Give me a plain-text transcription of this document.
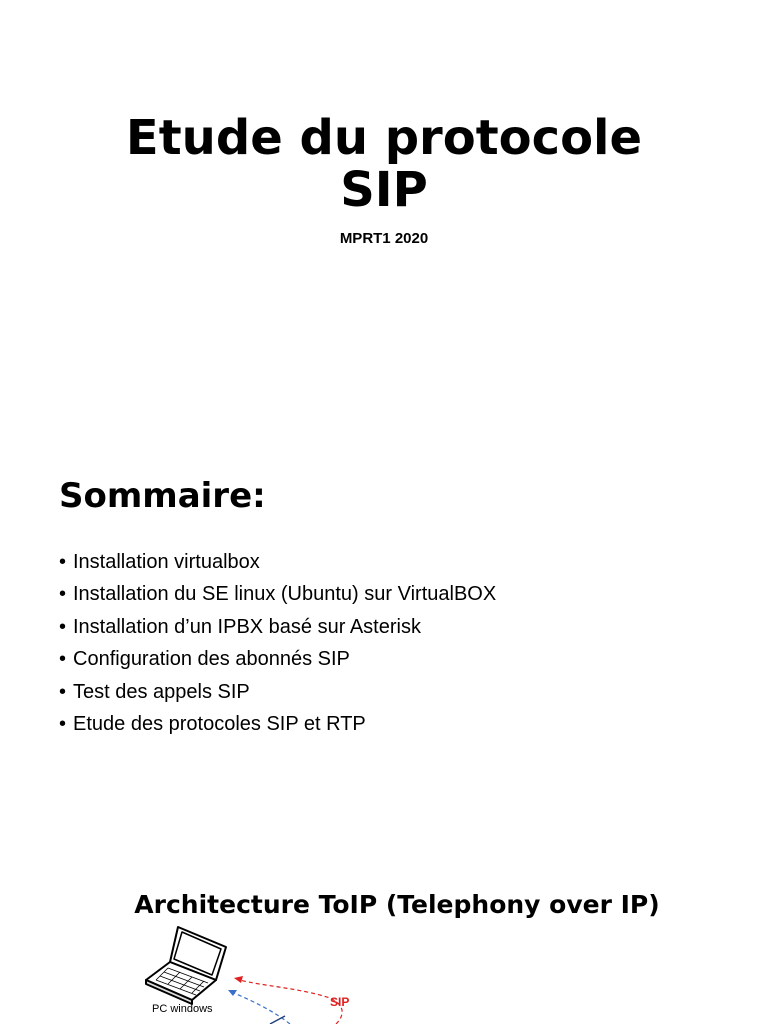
Etude du protocole
SIP
MPRT1 2020
Sommaire:
• Installation virtualbox
• Installation du SE linux (Ubuntu) sur VirtualBOX
• Installation d’un IPBX basé sur Asterisk
• Configuration des abonnés SIP
• Test des appels SIP
• Etude des protocoles SIP et RTP
Architecture ToIP (Telephony over IP)
PC windows	SIP
